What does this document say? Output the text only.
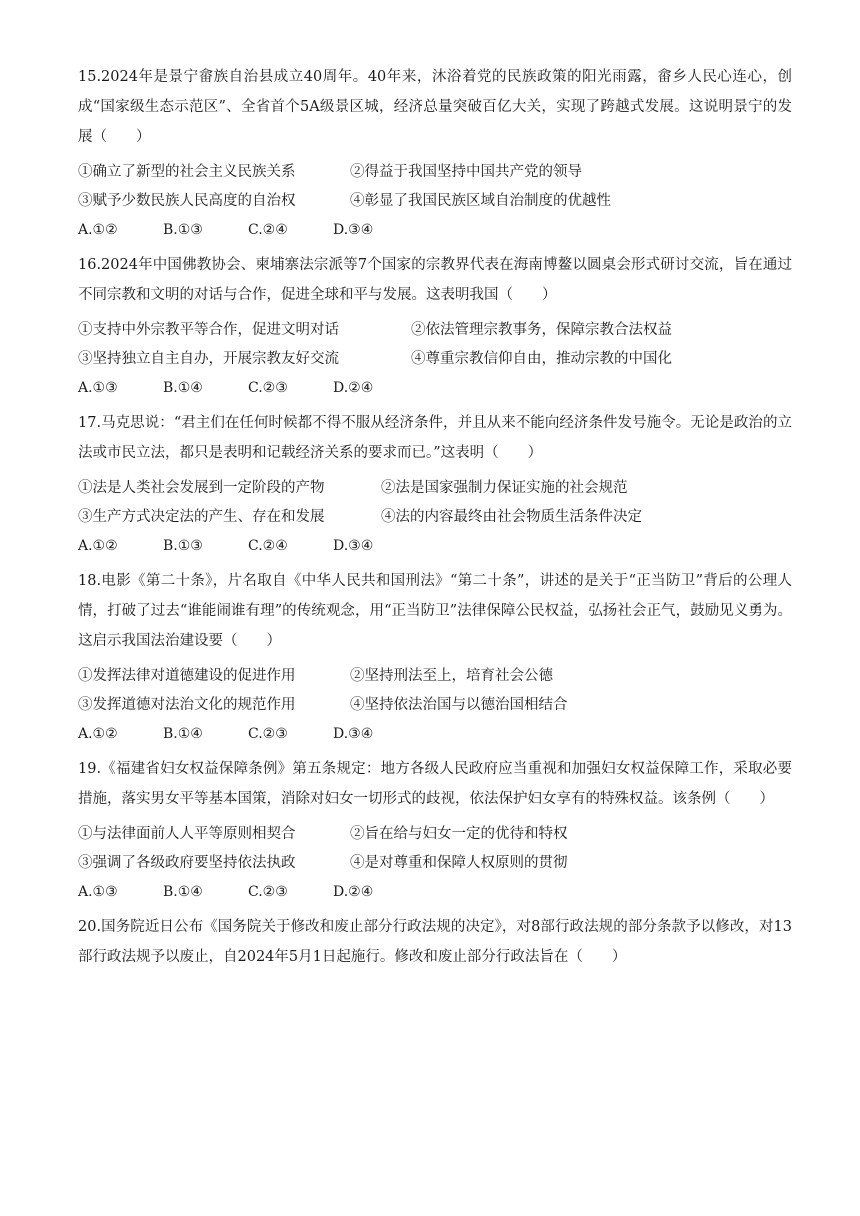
15.2024年是景宁畲族自治县成立40周年。40年来，沐浴着党的民族政策的阳光雨露，畲乡人民心连心，创成“国家级生态示范区”、全省首个5A级景区城，经济总量突破百亿大关，实现了跨越式发展。这说明景宁的发展（　　）
①确立了新型的社会主义民族关系	②得益于我国坚持中国共产党的领导
③赋予少数民族人民高度的自治权	④彰显了我国民族区域自治制度的优越性
A.①②	B.①③	C.②④	D.③④
16.2024年中国佛教协会、柬埔寨法宗派等7个国家的宗教界代表在海南博鳌以圆桌会形式研讨交流，旨在通过不同宗教和文明的对话与合作，促进全球和平与发展。这表明我国（　　）
①支持中外宗教平等合作，促进文明对话	②依法管理宗教事务，保障宗教合法权益
③坚持独立自主自办，开展宗教友好交流	④尊重宗教信仰自由，推动宗教的中国化
A.①③	B.①④	C.②③	D.②④
17.马克思说：“君主们在任何时候都不得不服从经济条件，并且从来不能向经济条件发号施令。无论是政治的立法或市民立法，都只是表明和记载经济关系的要求而已。”这表明（　　）
①法是人类社会发展到一定阶段的产物	②法是国家强制力保证实施的社会规范
③生产方式决定法的产生、存在和发展	④法的内容最终由社会物质生活条件决定
A.①②	B.①③	C.②④	D.③④
18.电影《第二十条》，片名取自《中华人民共和国刑法》“第二十条”，讲述的是关于“正当防卫”背后的公理人情，打破了过去“谁能闹谁有理”的传统观念，用“正当防卫”法律保障公民权益，弘扬社会正气，鼓励见义勇为。这启示我国法治建设要（　　）
①发挥法律对道德建设的促进作用	②坚持刑法至上，培育社会公德
③发挥道德对法治文化的规范作用	④坚持依法治国与以德治国相结合
A.①②	B.①④	C.②③	D.③④
19.《福建省妇女权益保障条例》第五条规定：地方各级人民政府应当重视和加强妇女权益保障工作，采取必要措施，落实男女平等基本国策，消除对妇女一切形式的歧视，依法保护妇女享有的特殊权益。该条例（　　）
①与法律面前人人平等原则相契合	②旨在给与妇女一定的优待和特权
③强调了各级政府要坚持依法执政	④是对尊重和保障人权原则的贯彻
A.①③	B.①④	C.②③	D.②④
20.国务院近日公布《国务院关于修改和废止部分行政法规的决定》，对8部行政法规的部分条款予以修改，对13部行政法规予以废止，自2024年5月1日起施行。修改和废止部分行政法旨在（　　）
